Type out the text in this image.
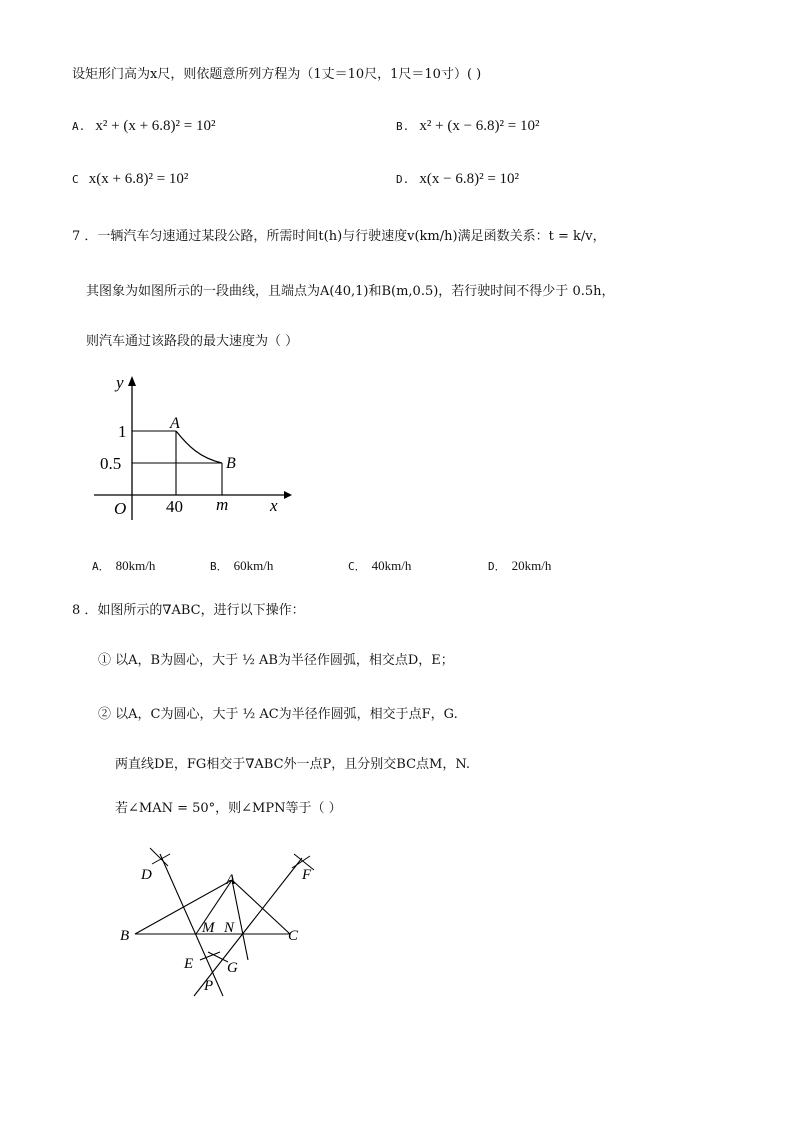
设矩形门高为x尺，则依题意所列方程为（1丈＝10尺，1尺＝10寸）( )
A. x² + (x + 6.8)² = 10²	B. x² + (x − 6.8)² = 10²
C x(x + 6.8)² = 10²	D. x(x − 6.8)² = 10²
7 ．一辆汽车匀速通过某段公路，所需时间t(h)与行驶速度v(km/h)满足函数关系：t = k/v，
其图象为如图所示的一段曲线，且端点为A(40,1)和B(m,0.5)，若行驶时间不得少于 0.5h，
则汽车通过该路段的最大速度为（ ）
y
1
0.5
O 40 m x
A
B
A． 80km/h	B． 60km/h	C． 40km/h	D． 20km/h
8 ．如图所示的∇ABC，进行以下操作：
① 以A，B为圆心，大于 ½ AB为半径作圆弧，相交点D，E；
② 以A，C为圆心，大于 ½ AC为半径作圆弧，相交于点F，G.
两直线DE，FG相交于∇ABC外一点P，且分别交BC点M，N.
若∠MAN = 50°，则∠MPN等于（ ）
D	A	F
B	M N	C
E G
P
